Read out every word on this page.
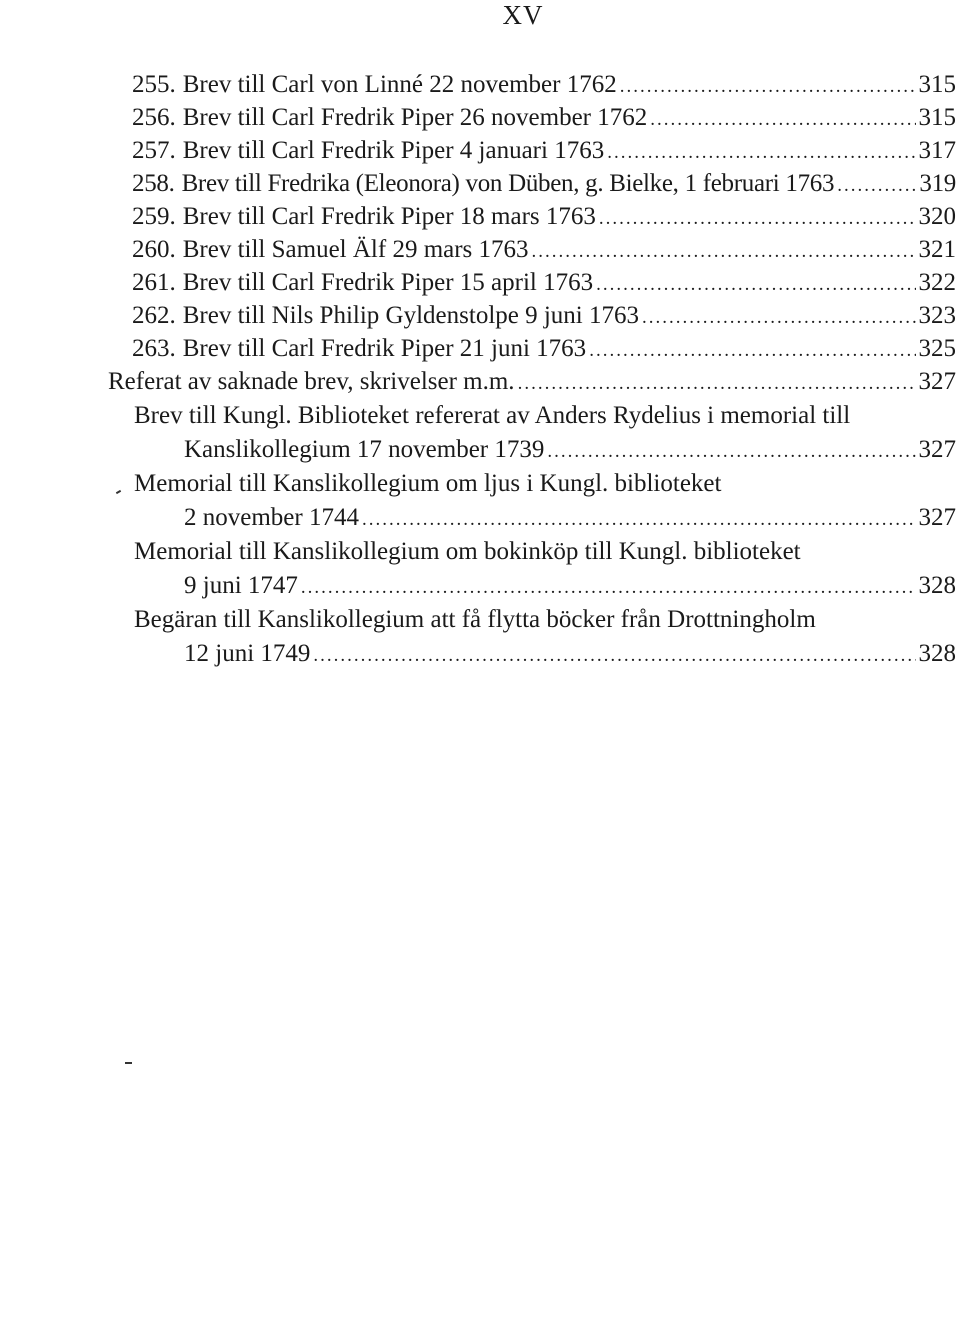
XV
255. Brev till Carl von Linné 22 november 1762 .....	315
256. Brev till Carl Fredrik Piper 26 november 1762 .....	315
257. Brev till Carl Fredrik Piper 4 januari 1763 .....	317
258. Brev till Fredrika (Eleonora) von Düben, g. Bielke, 1 februari 1763 .....	319
259. Brev till Carl Fredrik Piper 18 mars 1763 .....	320
260. Brev till Samuel Älf 29 mars 1763 .....	321
261. Brev till Carl Fredrik Piper 15 april 1763 .....	322
262. Brev till Nils Philip Gyldenstolpe 9 juni 1763 .....	323
263. Brev till Carl Fredrik Piper 21 juni 1763 .....	325
Referat av saknade brev, skrivelser m.m. .....	327
Brev till Kungl. Biblioteket refererat av Anders Rydelius i memorial till
Kanslikollegium 17 november 1739 .....	327
Memorial till Kanslikollegium om ljus i Kungl. biblioteket
2 november 1744 .....	327
Memorial till Kanslikollegium om bokinköp till Kungl. biblioteket
9 juni 1747 .....	328
Begäran till Kanslikollegium att få flytta böcker från Drottningholm
12 juni 1749 .....	328
